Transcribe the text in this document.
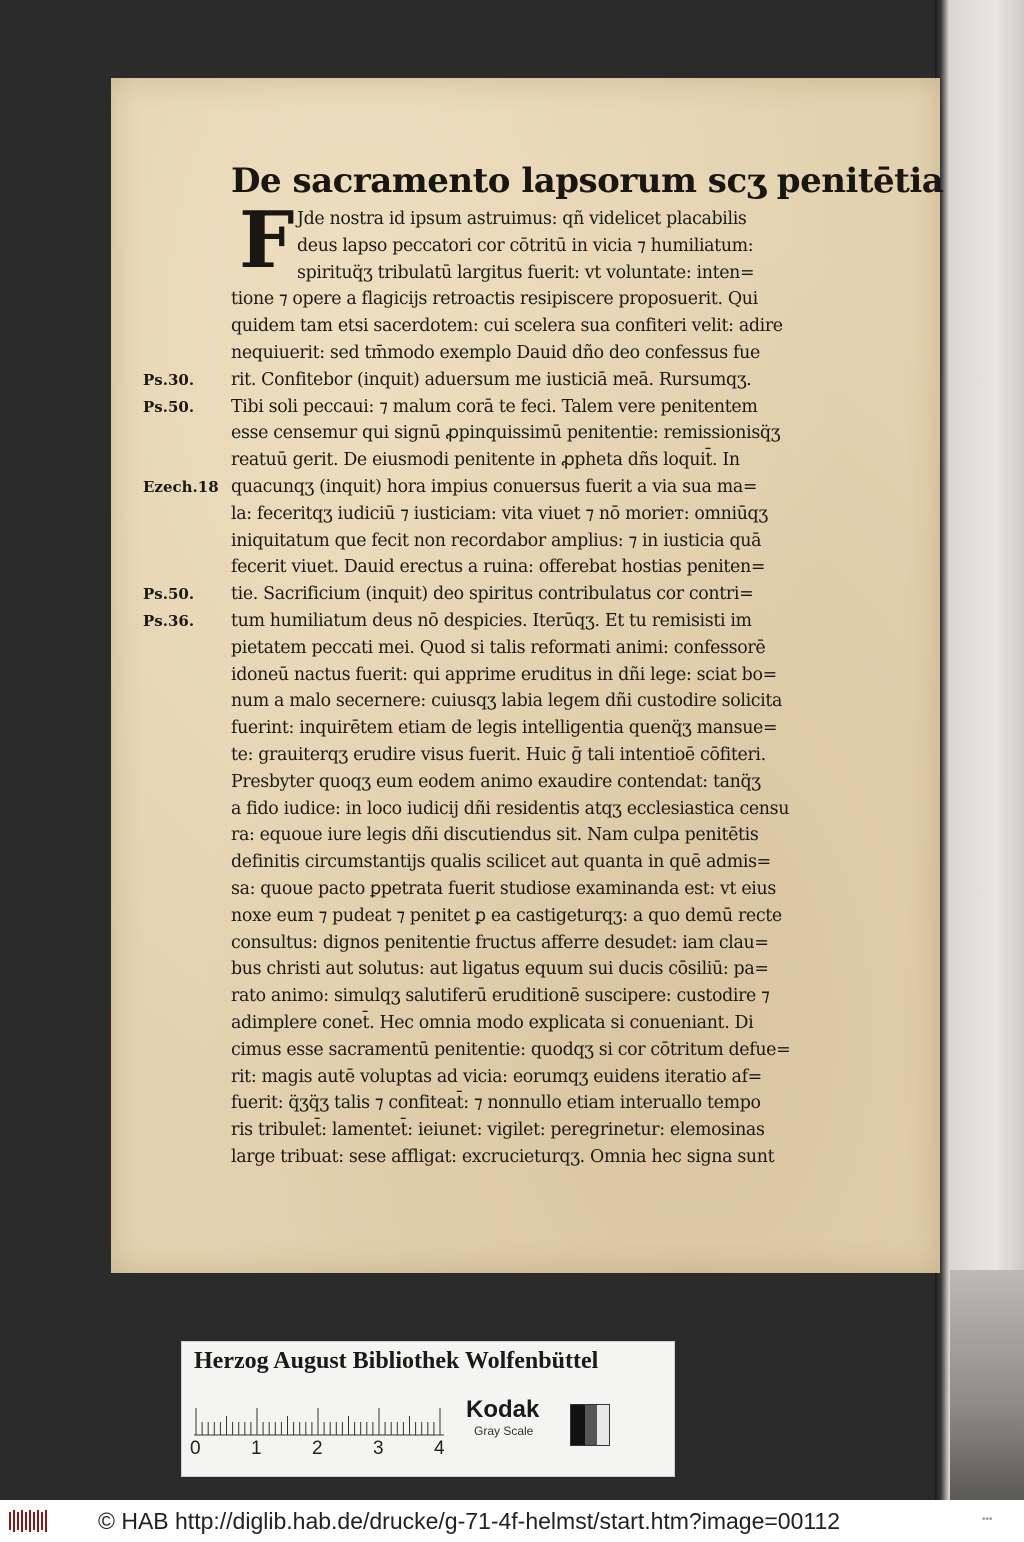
De sacramento lapsorum scʒ penitētia
F Jde nostra id ipsum astruimus: qñ videlicet placabilis
deus lapso peccatori cor cōtritū in vicia ⁊ humiliatum:
spirituq̈ʒ tribulatū largitus fuerit: vt voluntate: inten=
tione ⁊ opere a flagicijs retroactis resipiscere proposuerit. Qui
quidem tam etsi sacerdotem: cui scelera sua confiteri velit: adire
nequiuerit: sed tm̄modo exemplo Dauid dño deo confessus fue
rit. Confitebor (inquit) aduersum me iusticiā meā. Rursumqʒ.
Tibi soli peccaui: ⁊ malum corā te feci. Talem vere penitentem
esse censemur qui signū ꝓpinquissimū penitentie: remissionisq̈ʒ
reatuū gerit. De eiusmodi penitente in ꝓpheta dñs loquit̄. In
quacunqʒ (inquit) hora impius conuersus fuerit a via sua ma=
la: feceritqʒ iudiciū ⁊ iusticiam: vita viuet ⁊ nō morieт: omniūqʒ
iniquitatum que fecit non recordabor amplius: ⁊ in iusticia quā
fecerit viuet. Dauid erectus a ruina: offerebat hostias peniten=
tie. Sacrificium (inquit) deo spiritus contribulatus cor contri=
tum humiliatum deus nō despicies. Iterūqʒ. Et tu remisisti im
pietatem peccati mei. Quod si talis reformati animi: confessorē
idoneū nactus fuerit: qui apprime eruditus in dñi lege: sciat bo=
num a malo secernere: cuiusqʒ labia legem dñi custodire solicita
fuerint: inquirētem etiam de legis intelligentia quenq̈ʒ mansue=
te: grauiterqʒ erudire visus fuerit. Huic ḡ tali intentioē cōfiteri.
Presbyter quoqʒ eum eodem animo exaudire contendat: tanq̈ʒ
a fido iudice: in loco iudicij dñi residentis atqʒ ecclesiastica censu
ra: equoue iure legis dñi discutiendus sit. Nam culpa penitētis
definitis circumstantijs qualis scilicet aut quanta in quē admis=
sa: quoue pacto ꝑpetrata fuerit studiose examinanda est: vt eius
noxe eum ⁊ pudeat ⁊ penitet ꝑ ea castigeturqʒ: a quo demū recte
consultus: dignos penitentie fructus afferre desudet: iam clau=
bus christi aut solutus: aut ligatus equum sui ducis cōsiliū: pa=
rato animo: simulqʒ salutiferū eruditionē suscipere: custodire ⁊
adimplere conet̄. Hec omnia modo explicata si conueniant. Di
cimus esse sacramentū penitentie: quodqʒ si cor cōtritum defue=
rit: magis autē voluptas ad vicia: eorumqʒ euidens iteratio af=
fuerit: q̈ʒq̈ʒ talis ⁊ confiteat̄: ⁊ nonnullo etiam interuallo tempo
ris tribulet̄: lamentet̄: ieiunet: vigilet: peregrinetur: elemosinas
large tribuat: sese affligat: excrucieturqʒ. Omnia hec signa sunt
Ps.30.
Ps.50.
Ezech.18
Ps.50.
Ps.36.
Herzog August Bibliothek Wolfenbüttel
0	1	2	3	4
Kodak
Gray Scale
© HAB http://diglib.hab.de/drucke/g-71-4f-helmst/start.htm?image=00112	•••
